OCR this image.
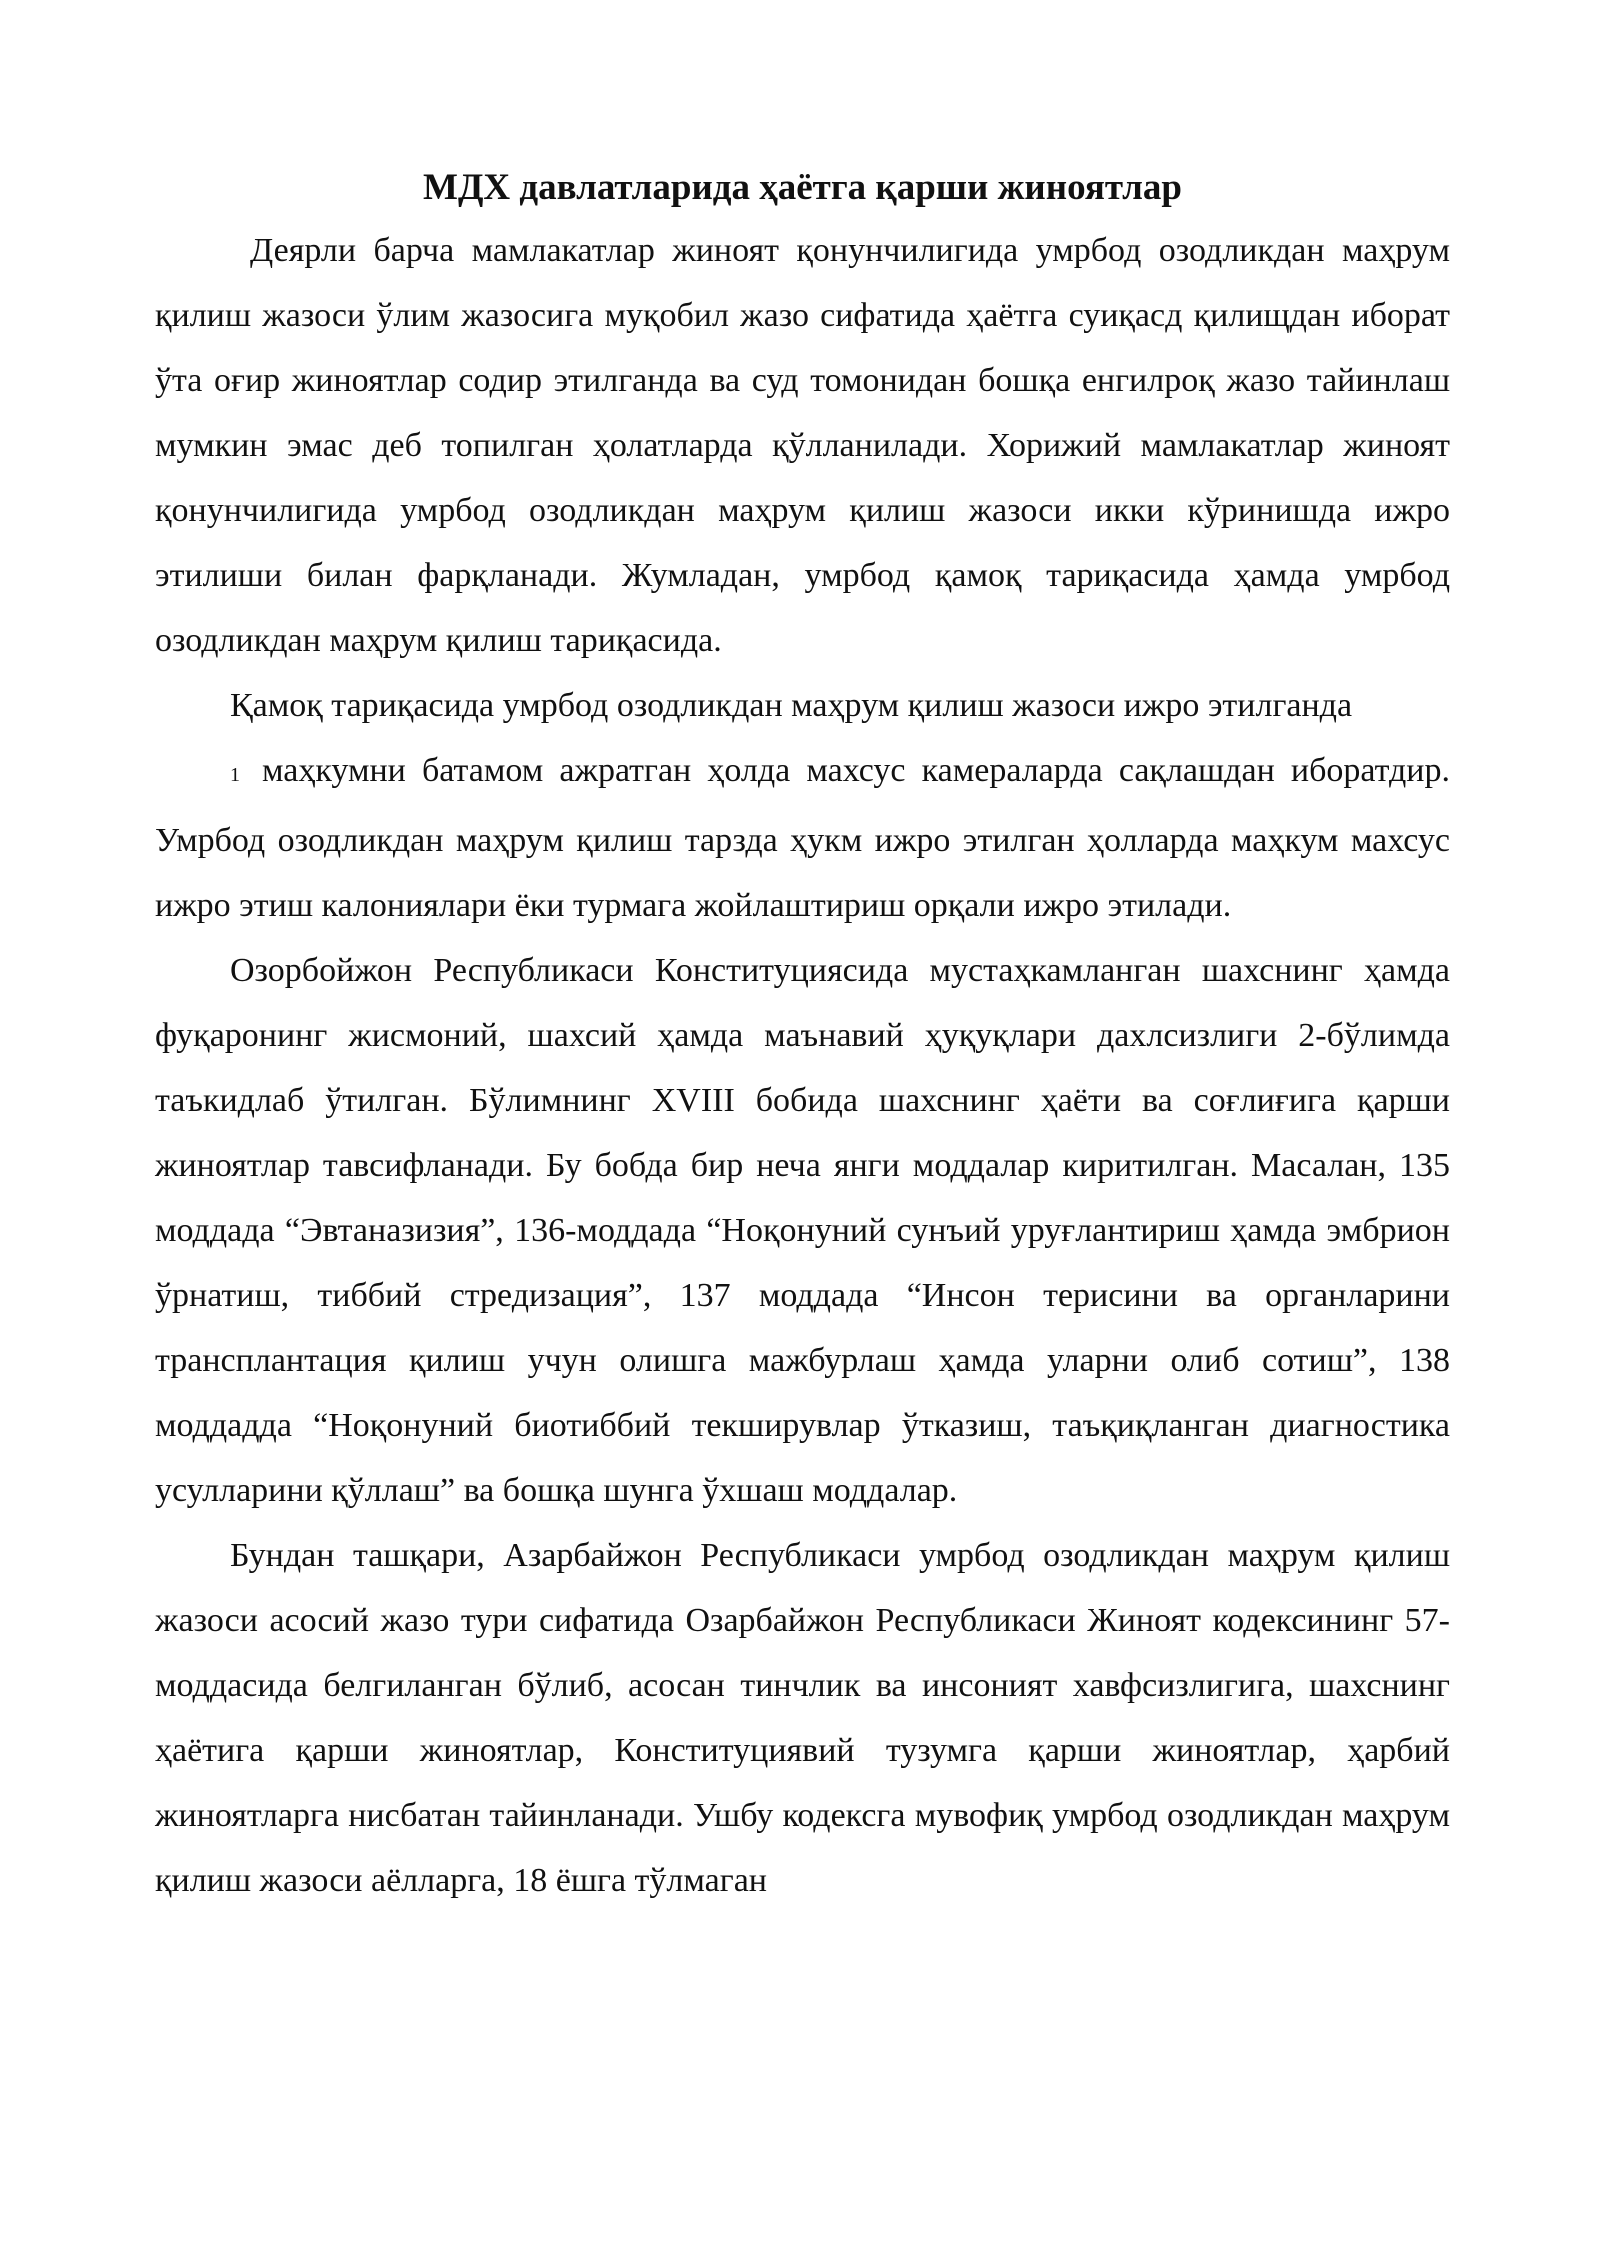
МДХ давлатларида ҳаётга қарши жиноятлар

Деярли барча мамлакатлар жиноят қонунчилигида умрбод озодликдан маҳрум қилиш жазоси ўлим жазосига муқобил жазо сифатида ҳаётга суиқасд қилищдан иборат ўта оғир жиноятлар содир этилганда ва суд томонидан бошқа енгилроқ жазо тайинлаш мумкин эмас деб топилган ҳолатларда қўлланилади. Хорижий мамлакатлар жиноят қонунчилигида умрбод озодликдан маҳрум қилиш жазоси икки кўринишда ижро этилиши билан фарқланади. Жумладан, умрбод қамоқ тариқасида ҳамда умрбод озодликдан маҳрум қилиш тариқасида.

Қамоқ тариқасида умрбод озодликдан маҳрум қилиш жазоси ижро этилганда

1 маҳкумни батамом ажратган ҳолда махсус камераларда сақлашдан иборатдир. Умрбод озодликдан маҳрум қилиш тарзда ҳукм ижро этилган ҳолларда маҳкум махсус ижро этиш калониялари ёки турмага жойлаштириш орқали ижро этилади.

Озорбойжон Республикаси Конституциясида мустаҳкамланган шахснинг ҳамда фуқаронинг жисмоний, шахсий ҳамда маънавий ҳуқуқлари дахлсизлиги 2-бўлимда таъкидлаб ўтилган. Бўлимнинг XVIII бобида шахснинг ҳаёти ва соғлиғига қарши жиноятлар тавсифланади. Бу бобда бир неча янги моддалар киритилган. Масалан, 135 моддада “Эвтаназизия”, 136-моддада “Ноқонуний сунъий уруғлантириш ҳамда эмбрион ўрнатиш, тиббий стредизация”, 137 моддада “Инсон терисини ва органларини трансплантация қилиш учун олишга мажбурлаш ҳамда уларни олиб сотиш”, 138 моддадда “Ноқонуний биотиббий текширувлар ўтказиш, таъқиқланган диагностика усулларини қўллаш” ва бошқа шунга ўхшаш моддалар.

Бундан ташқари, Азарбайжон Республикаси умрбод озодликдан маҳрум қилиш жазоси асосий жазо тури сифатида Озарбайжон Республикаси Жиноят кодексининг 57-моддасида белгиланган бўлиб, асосан тинчлик ва инсоният хавфсизлигига, шахснинг ҳаётига қарши жиноятлар, Конституциявий тузумга қарши жиноятлар, ҳарбий жиноятларга нисбатан тайинланади. Ушбу кодексга мувофиқ умрбод озодликдан маҳрум қилиш жазоси аёлларга, 18 ёшга тўлмаган
